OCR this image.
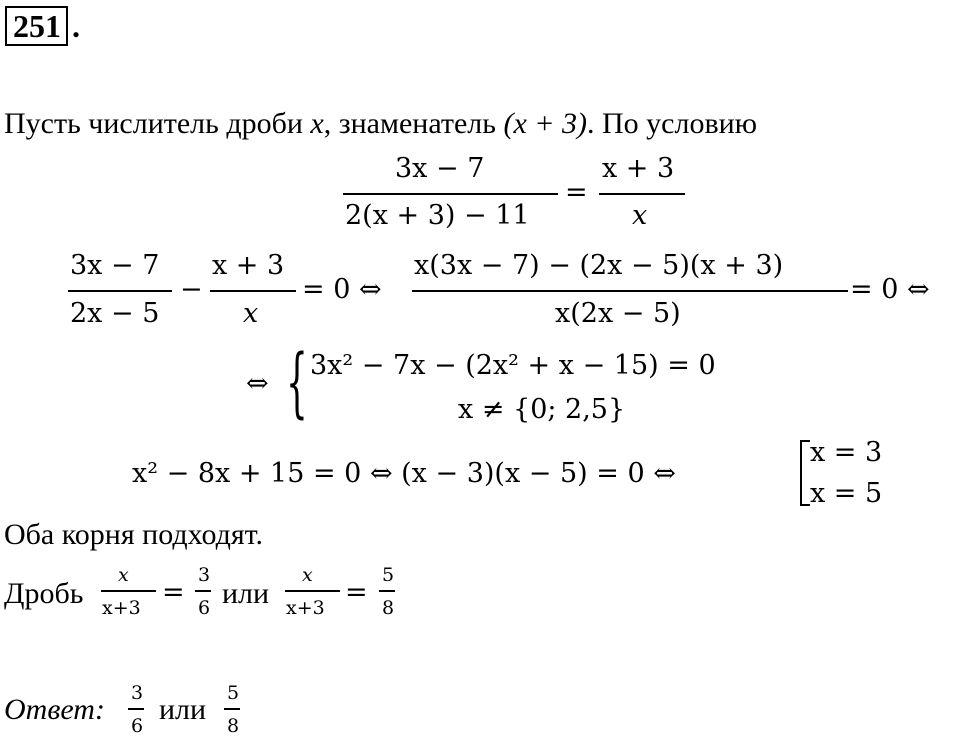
251 .
Пусть числитель дроби x, знаменатель (x + 3). По условию
3x − 7
2(x + 3) − 11
=
x + 3
x
3x − 7
2x − 5
−
x + 3
x
= 0 ⇔
x(3x − 7) − (2x − 5)(x + 3)
x(2x − 5)
= 0 ⇔
⇔ { 3x² − 7x − (2x² + x − 15) = 0
x ≠ {0; 2,5}
x² − 8x + 15 = 0 ⇔ (x − 3)(x − 5) = 0 ⇔
x = 3
x = 5
Оба корня подходят.
Дробь
x
x+3 =
3
6 или
x
x+3 =
5
8
Ответ: 3
6 или 5
8
